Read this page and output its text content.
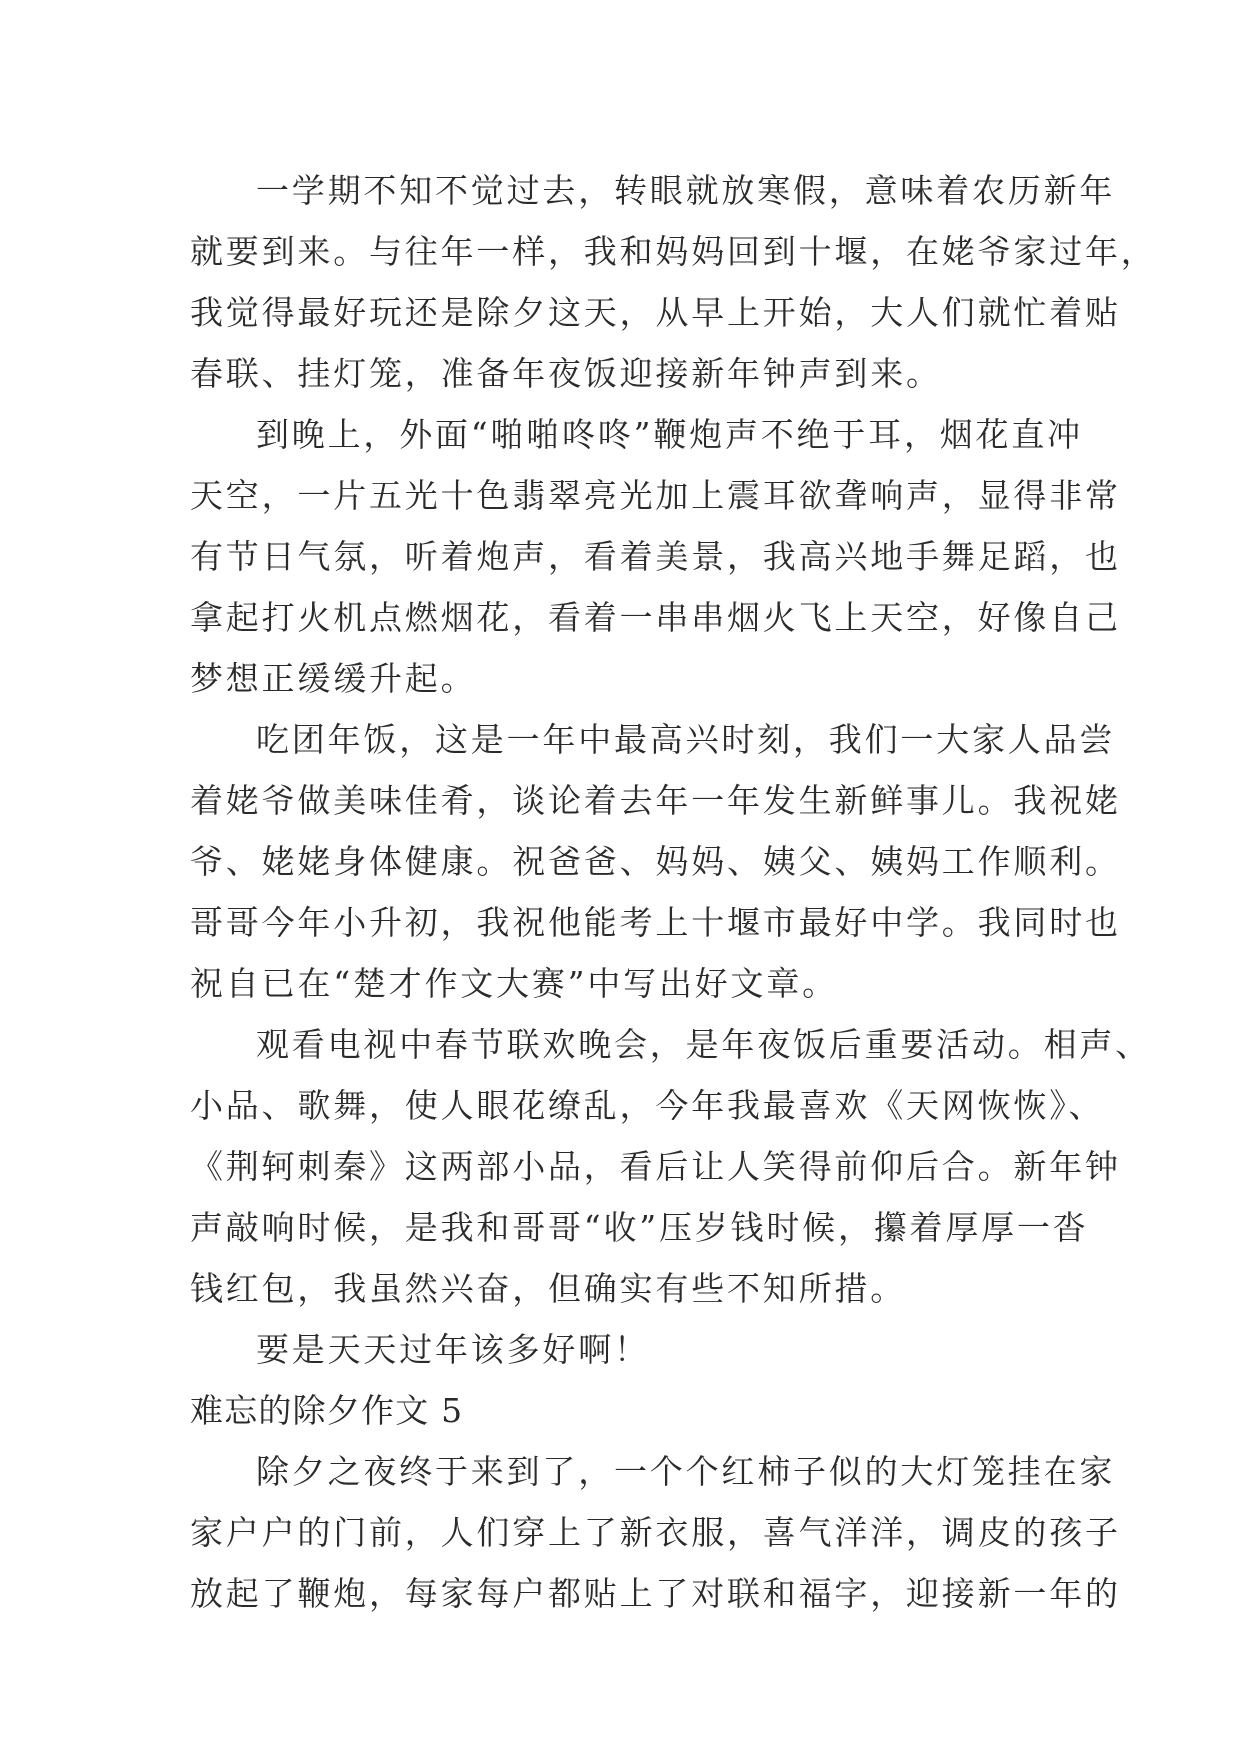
一学期不知不觉过去，转眼就放寒假，意味着农历新年
就要到来。与往年一样，我和妈妈回到十堰，在姥爷家过年，
我觉得最好玩还是除夕这天，从早上开始，大人们就忙着贴
春联、挂灯笼，准备年夜饭迎接新年钟声到来。
到晚上，外面“啪啪咚咚”鞭炮声不绝于耳，烟花直冲
天空，一片五光十色翡翠亮光加上震耳欲聋响声，显得非常
有节日气氛，听着炮声，看着美景，我高兴地手舞足蹈，也
拿起打火机点燃烟花，看着一串串烟火飞上天空，好像自己
梦想正缓缓升起。
吃团年饭，这是一年中最高兴时刻，我们一大家人品尝
着姥爷做美味佳肴，谈论着去年一年发生新鲜事儿。我祝姥
爷、姥姥身体健康。祝爸爸、妈妈、姨父、姨妈工作顺利。
哥哥今年小升初，我祝他能考上十堰市最好中学。我同时也
祝自已在“楚才作文大赛”中写出好文章。
观看电视中春节联欢晚会，是年夜饭后重要活动。相声、
小品、歌舞，使人眼花缭乱，今年我最喜欢《天网恢恢》、
《荆轲刺秦》这两部小品，看后让人笑得前仰后合。新年钟
声敲响时候，是我和哥哥“收”压岁钱时候，攥着厚厚一沓
钱红包，我虽然兴奋，但确实有些不知所措。
要是天天过年该多好啊！
难忘的除夕作文 5
除夕之夜终于来到了，一个个红柿子似的大灯笼挂在家
家户户的门前，人们穿上了新衣服，喜气洋洋，调皮的孩子
放起了鞭炮，每家每户都贴上了对联和福字，迎接新一年的
